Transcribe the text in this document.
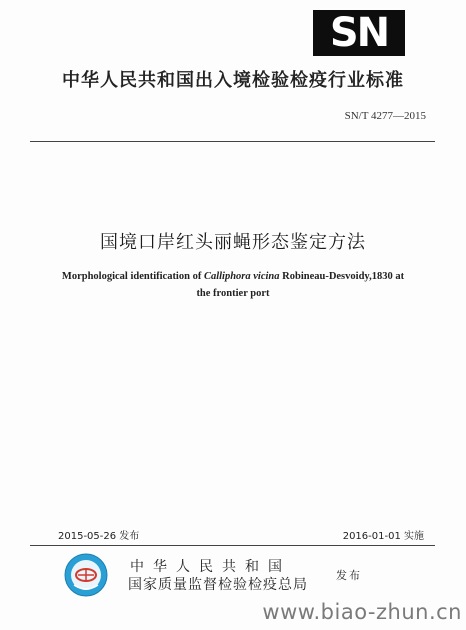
SN
中华人民共和国出入境检验检疫行业标准
SN/T 4277—2015
国境口岸红头丽蝇形态鉴定方法
Morphological identification of Calliphora vicina Robineau-Desvoidy,1830 at the frontier port
2015-05-26 发布	2016-01-01 实施
中华人民共和国
国家质量监督检验检疫总局
发布
www.biao-zhun.cn
